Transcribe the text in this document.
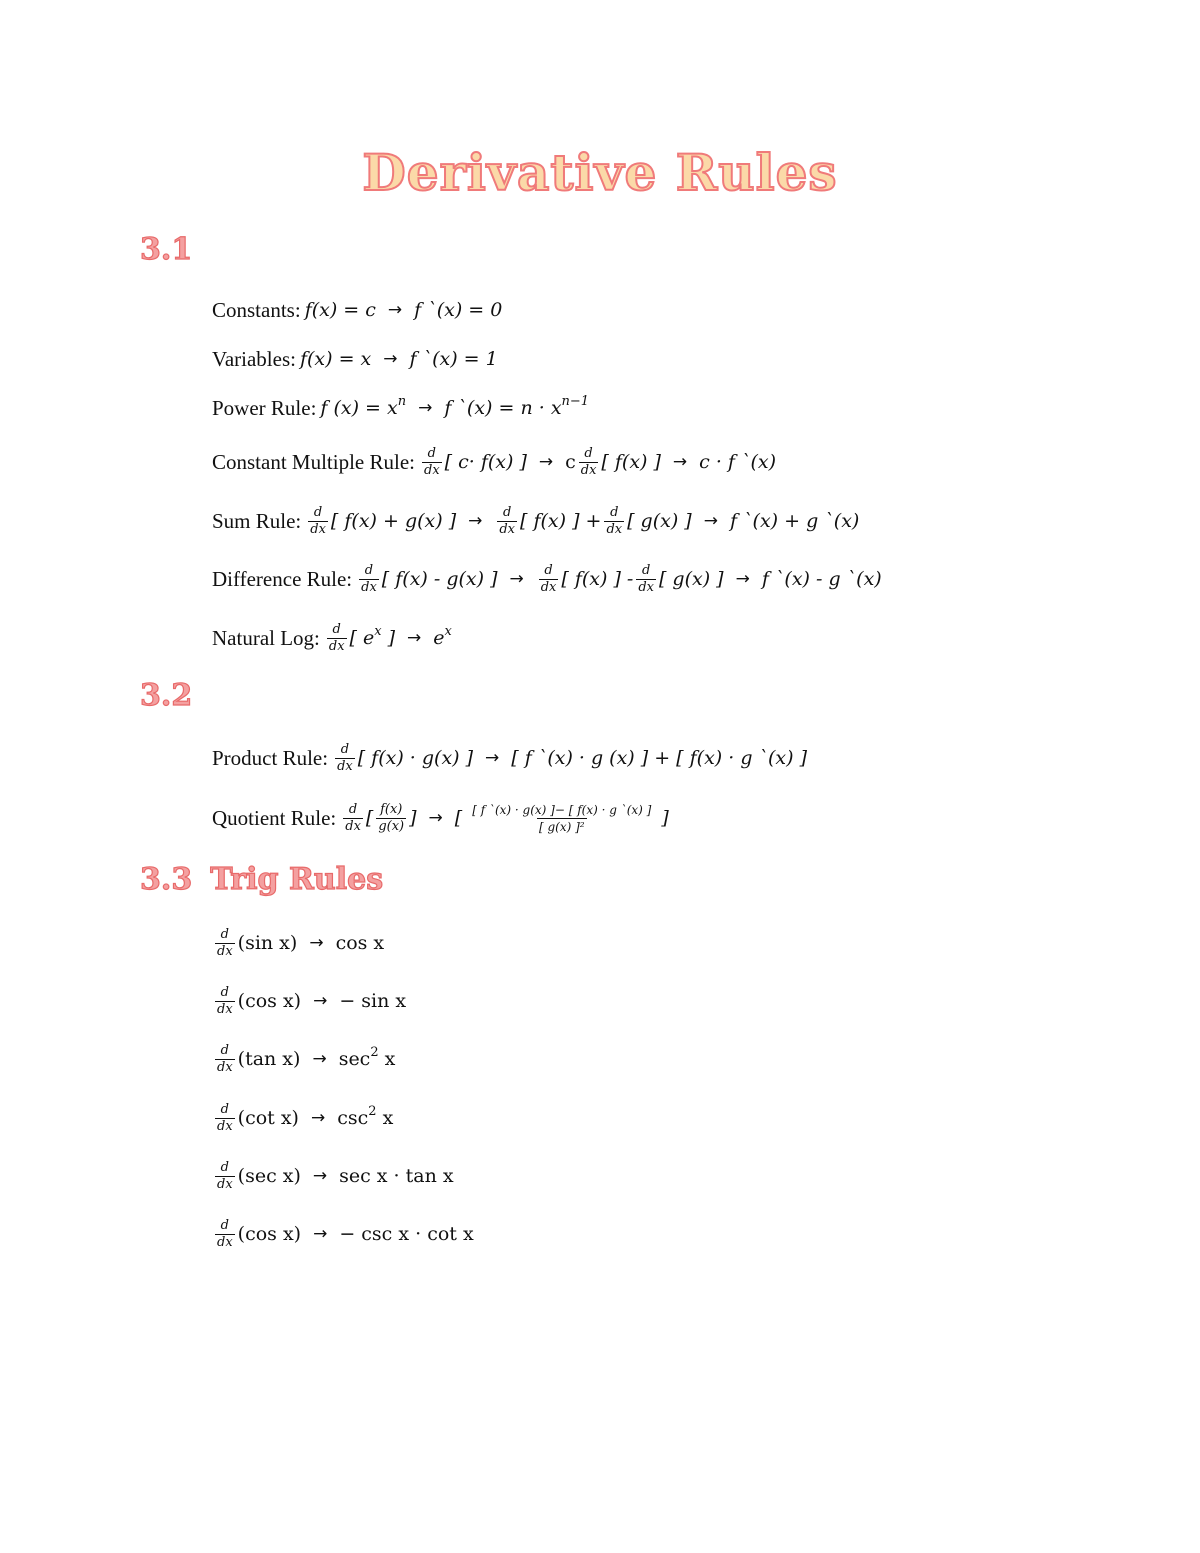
Derivative Rules
3.1
Constants: f(x) = c → f `(x) = 0
Variables: f(x) = x → f `(x) = 1
Power Rule: f $(x) = x^n \to f$ `(x) = $n \cdot x^{n-1}$
Constant Multiple Rule: $\frac{d}{dx}$ [ c· f(x) ] → c $\frac{d}{dx}$ [ f(x) ] → c · f `(x)
Sum Rule: $\frac{d}{dx}$ [ f(x) + g(x) ] → $\frac{d}{dx}$ [ f(x) ] + $\frac{d}{dx}$ [ g(x) ] → f `(x) + g `(x)
Difference Rule: $\frac{d}{dx}$ [ f(x) - g(x) ] → $\frac{d}{dx}$ [ f(x) ] - $\frac{d}{dx}$ [ g(x) ] → f `(x) - g `(x)
Natural Log: $\frac{d}{dx}$ [ $e^x$ ] → $e^x$
3.2
Product Rule: $\frac{d}{dx}$ [ f(x) · g(x) ] → [ f `(x) · g (x) ] + [ f(x) · g `(x) ]
Quotient Rule: $\frac{d}{dx}$ [ $\frac{f(x)}{g(x)}$ ] → [ $\frac{[ f `(x) \cdot g(x) ]- [ f(x) \cdot g `(x) ]}{\text{[ g(x) ]²}}$ ]
3.3 Trig Rules
$\frac{d}{dx} (\sin$ x) → cos x
$\frac{d}{dx} (\cos$ x) → − sin x
$\frac{d}{dx} (\tan$ $x) \to \sec^2 x$
$\frac{d}{dx} (\cot$ $x) \to \csc^2 x$
$\frac{d}{dx} (\sec$ x) → sec x · tan x
$\frac{d}{dx} (\cos$ x) → − csc x · cot x
